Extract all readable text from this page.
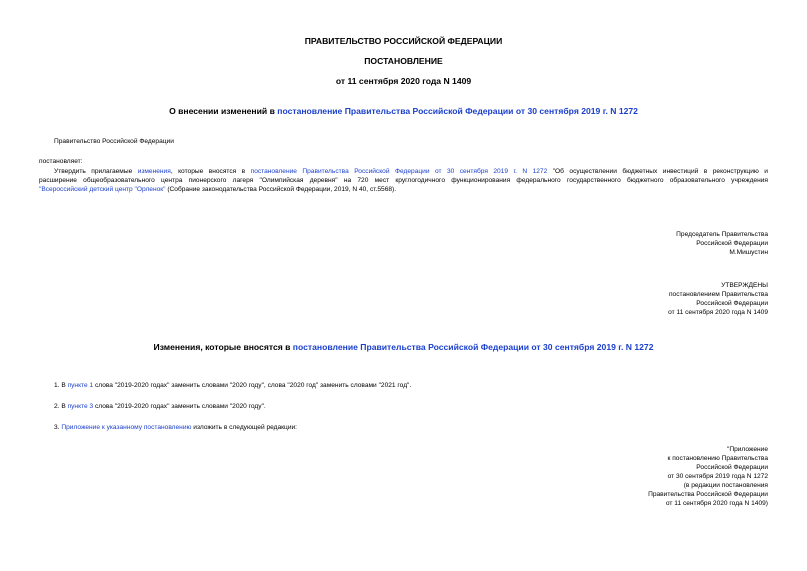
ПРАВИТЕЛЬСТВО РОССИЙСКОЙ ФЕДЕРАЦИИ
ПОСТАНОВЛЕНИЕ
от 11 сентября 2020 года N 1409
О внесении изменений в постановление Правительства Российской Федерации от 30 сентября 2019 г. N 1272
Правительство Российской Федерации
постановляет:
Утвердить прилагаемые изменения, которые вносятся в постановление Правительства Российской Федерации от 30 сентября 2019 г. N 1272 "Об осуществлении бюджетных инвестиций в реконструкцию и
расширение общеобразовательного центра пионерского лагеря "Олимпийская деревня" на 720 мест круглогодичного функционирования федерального государственного бюджетного образовательного учреждения
"Всероссийский детский центр "Орленок" (Собрание законодательства Российской Федерации, 2019, N 40, ст.5568).
Председатель Правительства
Российской Федерации
М.Мишустин
УТВЕРЖДЕНЫ
постановлением Правительства
Российской Федерации
от 11 сентября 2020 года N 1409
Изменения, которые вносятся в постановление Правительства Российской Федерации от 30 сентября 2019 г. N 1272
1. В пункте 1 слова "2019-2020 годах" заменить словами "2020 году", слова "2020 год" заменить словами "2021 год".
2. В пункте 3 слова "2019-2020 годах" заменить словами "2020 году".
3. Приложение к указанному постановлению изложить в следующей редакции:
"Приложение
к постановлению Правительства
Российской Федерации
от 30 сентября 2019 года N 1272
(в редакции постановления
Правительства Российской Федерации
от 11 сентября 2020 года N 1409)
